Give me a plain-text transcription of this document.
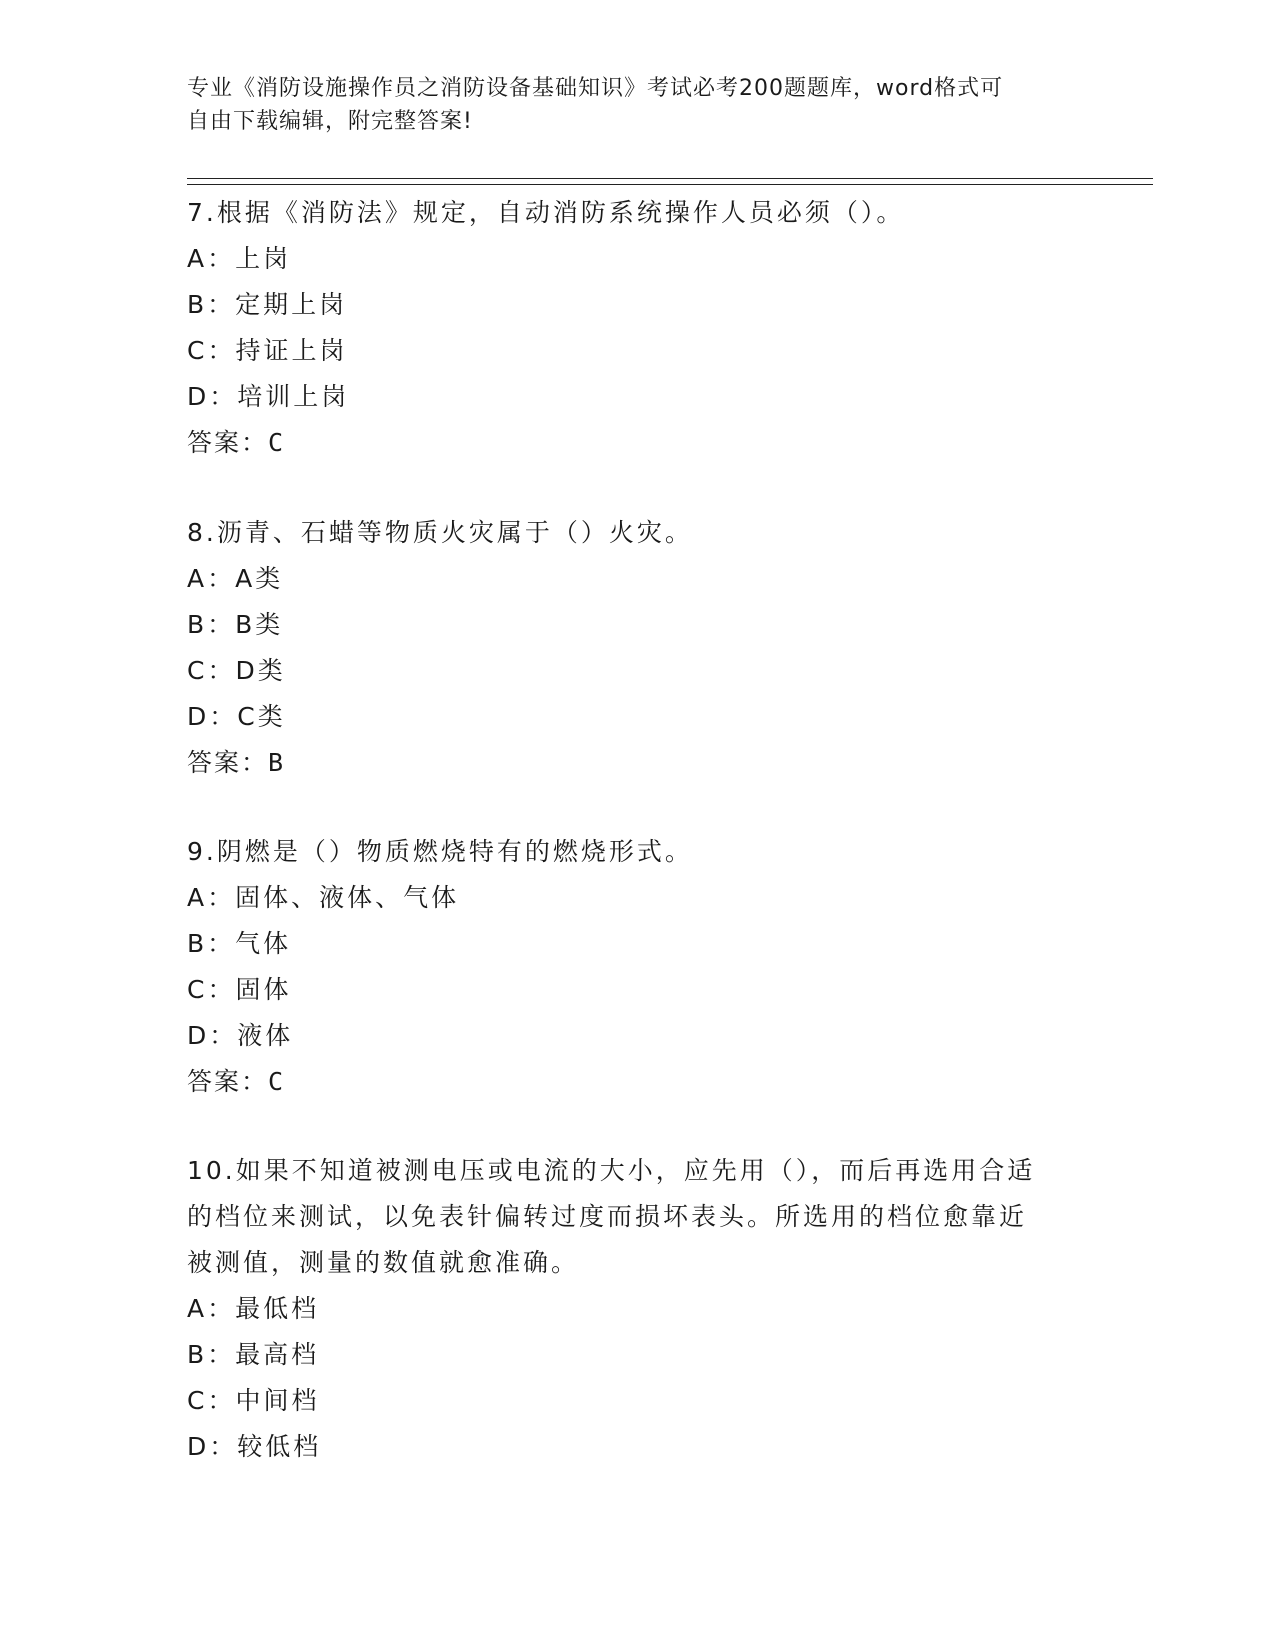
专业《消防设施操作员之消防设备基础知识》考试必考200题题库，word格式可
自由下载编辑，附完整答案!
7.根据《消防法》规定，自动消防系统操作人员必须（）。
A：上岗
B：定期上岗
C：持证上岗
D：培训上岗
答案：C
8.沥青、石蜡等物质火灾属于（）火灾。
A：A类
B：B类
C：D类
D：C类
答案：B
9.阴燃是（）物质燃烧特有的燃烧形式。
A：固体、液体、气体
B：气体
C：固体
D：液体
答案：C
10.如果不知道被测电压或电流的大小，应先用（），而后再选用合适
的档位来测试，以免表针偏转过度而损坏表头。所选用的档位愈靠近
被测值，测量的数值就愈准确。
A：最低档
B：最高档
C：中间档
D：较低档
